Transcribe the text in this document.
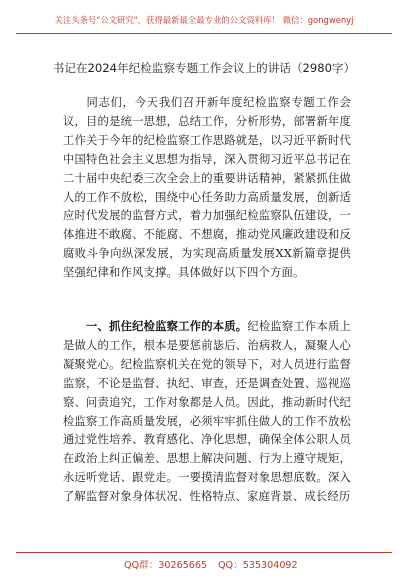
关注头条号"公文研究"，获得最新最全最专业的公文资料库！ 微信：gongwenyj
书记在2024年纪检监察专题工作会议上的讲话（2980字）
同志们，今天我们召开新年度纪检监察专题工作会议，目的是统一思想，总结工作，分析形势，部署新年度工作关于今年的纪检监察工作思路就是，以习近平新时代中国特色社会主义思想为指导，深入贯彻习近平总书记在二十届中央纪委三次全会上的重要讲话精神，紧紧抓住做人的工作不放松，围绕中心任务助力高质量发展，创新适应时代发展的监督方式，着力加强纪检监察队伍建设，一体推进不敢腐、不能腐、不想腐，推动党风廉政建设和反腐败斗争向纵深发展，为实现高质量发展XX新篇章提供坚强纪律和作风支撑。具体做好以下四个方面。
一、抓住纪检监察工作的本质。纪检监察工作本质上是做人的工作，根本是要惩前毖后、治病救人，凝聚人心凝聚党心。纪检监察机关在党的领导下，对人员进行监督监察，不论是监督、执纪、审查，还是调查处置、巡视巡察、问责追究，工作对象都是人员。因此，推动新时代纪检监察工作高质量发展，必须牢牢抓住做人的工作不放松通过党性培养、教育感化、净化思想，确保全体公职人员在政治上纠正偏差、思想上解决问题、行为上遵守规矩，永远听党话、跟党走。一要摸清监督对象思想底数。深入了解监督对象身体状况、性格特点、家庭背景、成长经历
QQ群：30265665 QQ：535304092
